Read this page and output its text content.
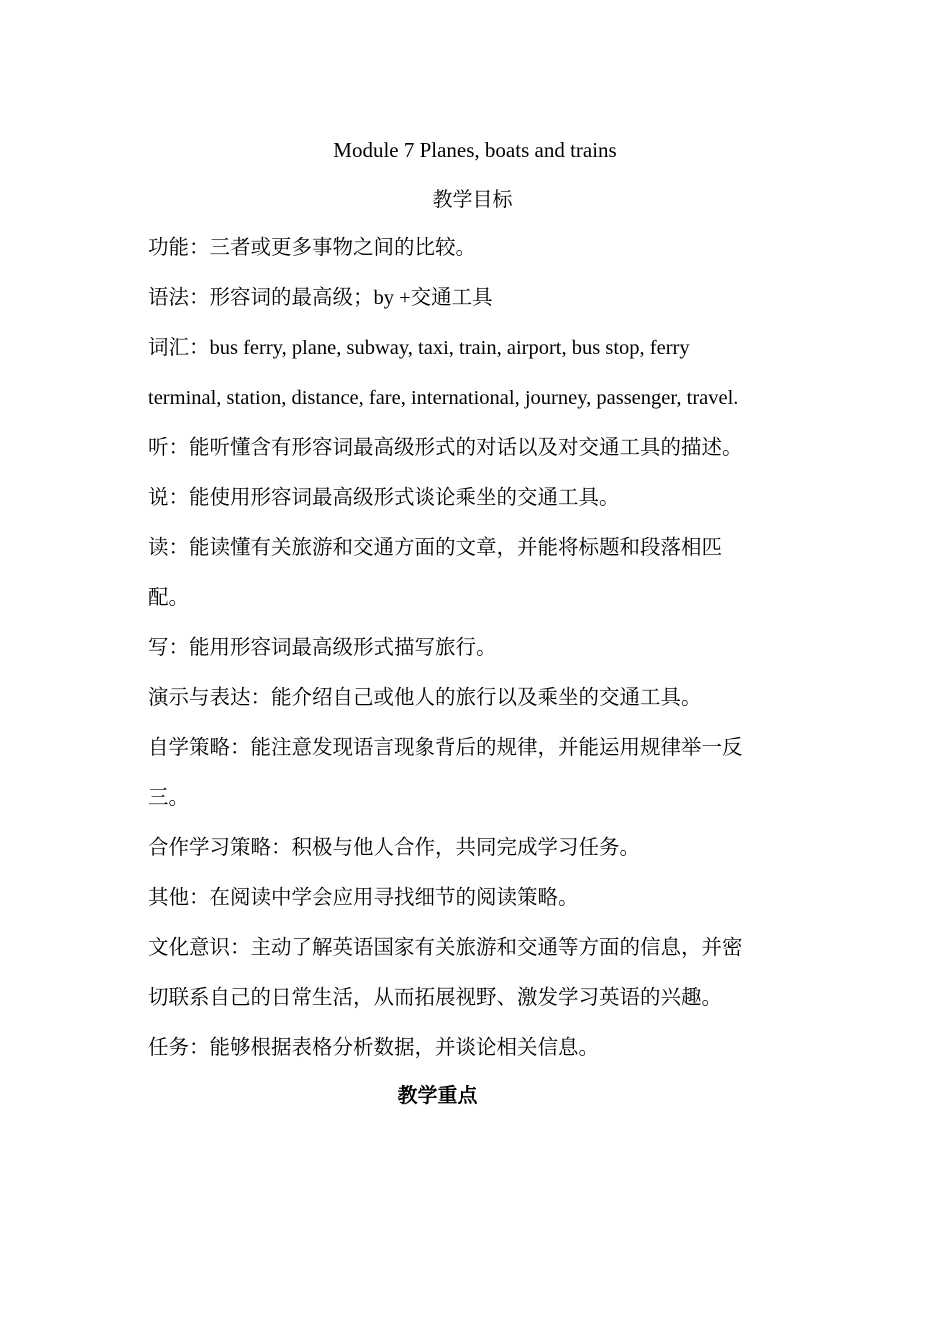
Module 7 Planes, boats and trains
教学目标
功能：三者或更多事物之间的比较。
语法：形容词的最高级；by +交通工具
词汇：bus ferry, plane, subway, taxi, train, airport, bus stop, ferry
terminal, station, distance, fare, international, journey, passenger, travel.
听：能听懂含有形容词最高级形式的对话以及对交通工具的描述。
说：能使用形容词最高级形式谈论乘坐的交通工具。
读：能读懂有关旅游和交通方面的文章，并能将标题和段落相匹
配。
写：能用形容词最高级形式描写旅行。
演示与表达：能介绍自己或他人的旅行以及乘坐的交通工具。
自学策略：能注意发现语言现象背后的规律，并能运用规律举一反
三。
合作学习策略：积极与他人合作，共同完成学习任务。
其他：在阅读中学会应用寻找细节的阅读策略。
文化意识：主动了解英语国家有关旅游和交通等方面的信息，并密
切联系自己的日常生活，从而拓展视野、激发学习英语的兴趣。
任务：能够根据表格分析数据，并谈论相关信息。
教学重点
